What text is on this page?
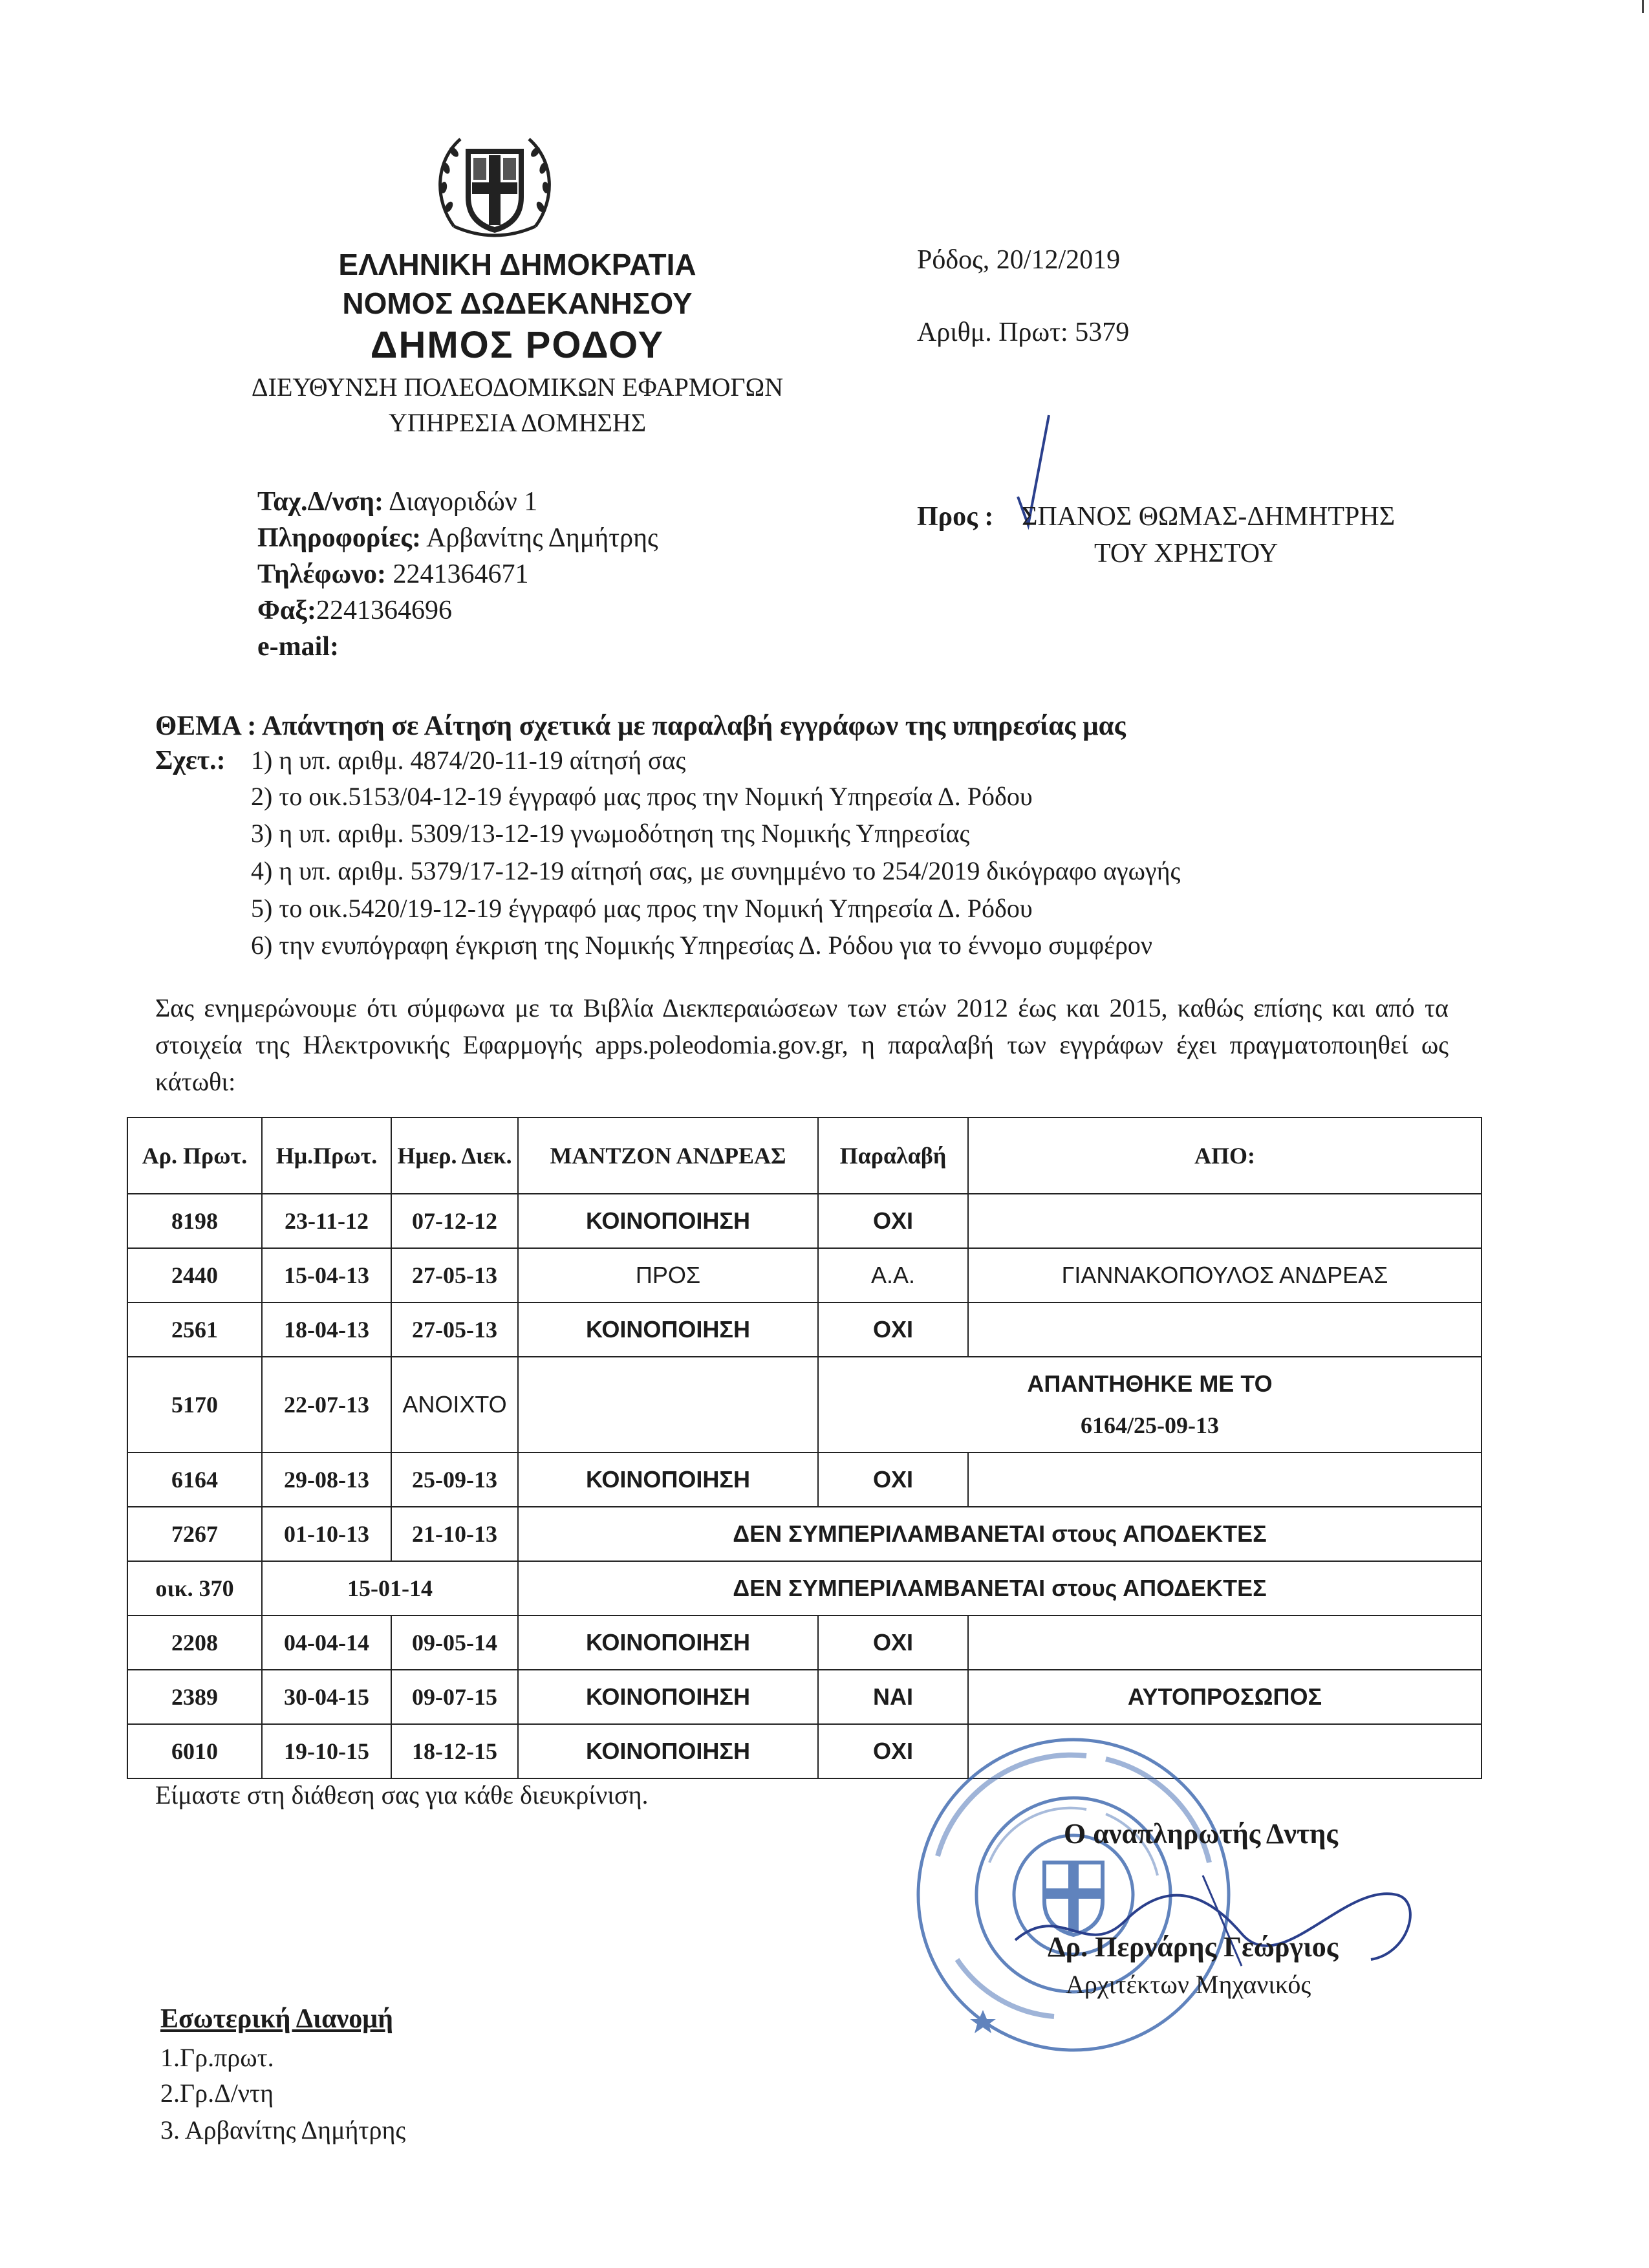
ΕΛΛΗΝΙΚΗ ΔΗΜΟΚΡΑΤΙΑ
ΝΟΜΟΣ ΔΩΔΕΚΑΝΗΣΟΥ
ΔΗΜΟΣ ΡΟΔΟΥ
ΔΙΕΥΘΥΝΣΗ ΠΟΛΕΟΔΟΜΙΚΩΝ ΕΦΑΡΜΟΓΩΝ
ΥΠΗΡΕΣΙΑ ΔΟΜΗΣΗΣ
Ρόδος, 20/12/2019
Αριθμ. Πρωτ: 5379
Ταχ.Δ/νση: Διαγοριδών 1
Πληροφορίες: Αρβανίτης Δημήτρης
Τηλέφωνο: 2241364671
Φαξ:2241364696
e-mail:
Προς : ΣΠΑΝΟΣ ΘΩΜΑΣ-ΔΗΜΗΤΡΗΣ
ΤΟΥ ΧΡΗΣΤΟΥ
ΘΕΜΑ : Απάντηση σε Αίτηση σχετικά με παραλαβή εγγράφων της υπηρεσίας μας
Σχετ.: 1) η υπ. αριθμ. 4874/20-11-19 αίτησή σας
2) το οικ.5153/04-12-19 έγγραφό μας προς την Νομική Υπηρεσία Δ. Ρόδου
3) η υπ. αριθμ. 5309/13-12-19 γνωμοδότηση της Νομικής Υπηρεσίας
4) η υπ. αριθμ. 5379/17-12-19 αίτησή σας, με συνημμένο το 254/2019 δικόγραφο αγωγής
5) το οικ.5420/19-12-19 έγγραφό μας προς την Νομική Υπηρεσία Δ. Ρόδου
6) την ενυπόγραφη έγκριση της Νομικής Υπηρεσίας Δ. Ρόδου για το έννομο συμφέρον
Σας ενημερώνουμε ότι σύμφωνα με τα Βιβλία Διεκπεραιώσεων των ετών 2012 έως και 2015, καθώς επίσης και από τα στοιχεία της Ηλεκτρονικής Εφαρμογής apps.poleodomia.gov.gr, η παραλαβή των εγγράφων έχει πραγματοποιηθεί ως κάτωθι:
Αρ. Πρωτ.	Ημ.Πρωτ.	Ημερ. Διεκ.	ΜΑΝΤΖΟΝ ΑΝΔΡΕΑΣ	Παραλαβή	ΑΠΟ:
8198	23-11-12	07-12-12	ΚΟΙΝΟΠΟΙΗΣΗ	ΟΧΙ	
2440	15-04-13	27-05-13	ΠΡΟΣ	Α.Α.	ΓΙΑΝΝΑΚΟΠΟΥΛΟΣ ΑΝΔΡΕΑΣ
2561	18-04-13	27-05-13	ΚΟΙΝΟΠΟΙΗΣΗ	ΟΧΙ	
5170	22-07-13	ΑΝΟΙΧΤΟ		ΑΠΑΝΤΗΘΗΚΕ ΜΕ ΤΟ
6164/25-09-13	

6164	29-08-13	25-09-13	ΚΟΙΝΟΠΟΙΗΣΗ	ΟΧΙ	
7267	01-10-13	21-10-13	ΔΕΝ ΣΥΜΠΕΡΙΛΑΜΒΑΝΕΤΑΙ στους ΑΠΟΔΕΚΤΕΣ		
οικ. 370	15-01-14		ΔΕΝ ΣΥΜΠΕΡΙΛΑΜΒΑΝΕΤΑΙ στους ΑΠΟΔΕΚΤΕΣ		
2208	04-04-14	09-05-14	ΚΟΙΝΟΠΟΙΗΣΗ	ΟΧΙ	
2389	30-04-15	09-07-15	ΚΟΙΝΟΠΟΙΗΣΗ	ΝΑΙ	ΑΥΤΟΠΡΟΣΩΠΟΣ
6010	19-10-15	18-12-15	ΚΟΙΝΟΠΟΙΗΣΗ	ΟΧΙ	
Είμαστε στη διάθεση σας για κάθε διευκρίνιση.
Ο αναπληρωτής Δντης
Δρ. Περνάρης Γεώργιος
Αρχιτέκτων Μηχανικός
Εσωτερική Διανομή
1.Γρ.πρωτ.
2.Γρ.Δ/ντη
3. Αρβανίτης Δημήτρης
